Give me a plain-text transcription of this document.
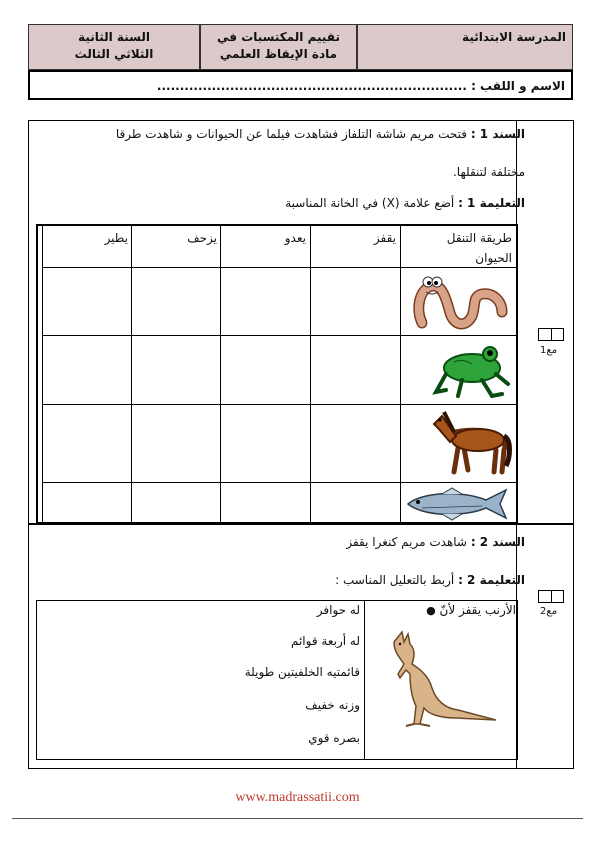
المدرسة الابتدائية
تقييم المكتسبات في
مادة الإيقاظ العلمي
السنة الثانية
الثلاثي الثالث
الاسم و اللقب : ....................................................................
السند 1 : فتحت مريم شاشة التلفاز فشاهدت فيلما عن الحيوانات و شاهدت طرقا
مختلفة لتنقلها.
التعليمة 1 : أضع علامة (X) في الخانة المناسبة
مع1
طريقة التنقل
الحيوان
يقفز
يعدو
يزحف
يطير
السند 2 : شاهدت مريم كنغرا يقفز
التعليمة 2 : أربط بالتعليل المناسب :
مع2
الأرنب يقفز لأنّ ●
له حوافر
له أربعة قوائم
قائمتيه الخلفيتين طويلة
وزنه خفيف
بصره قوي
www.madrassatii.com
